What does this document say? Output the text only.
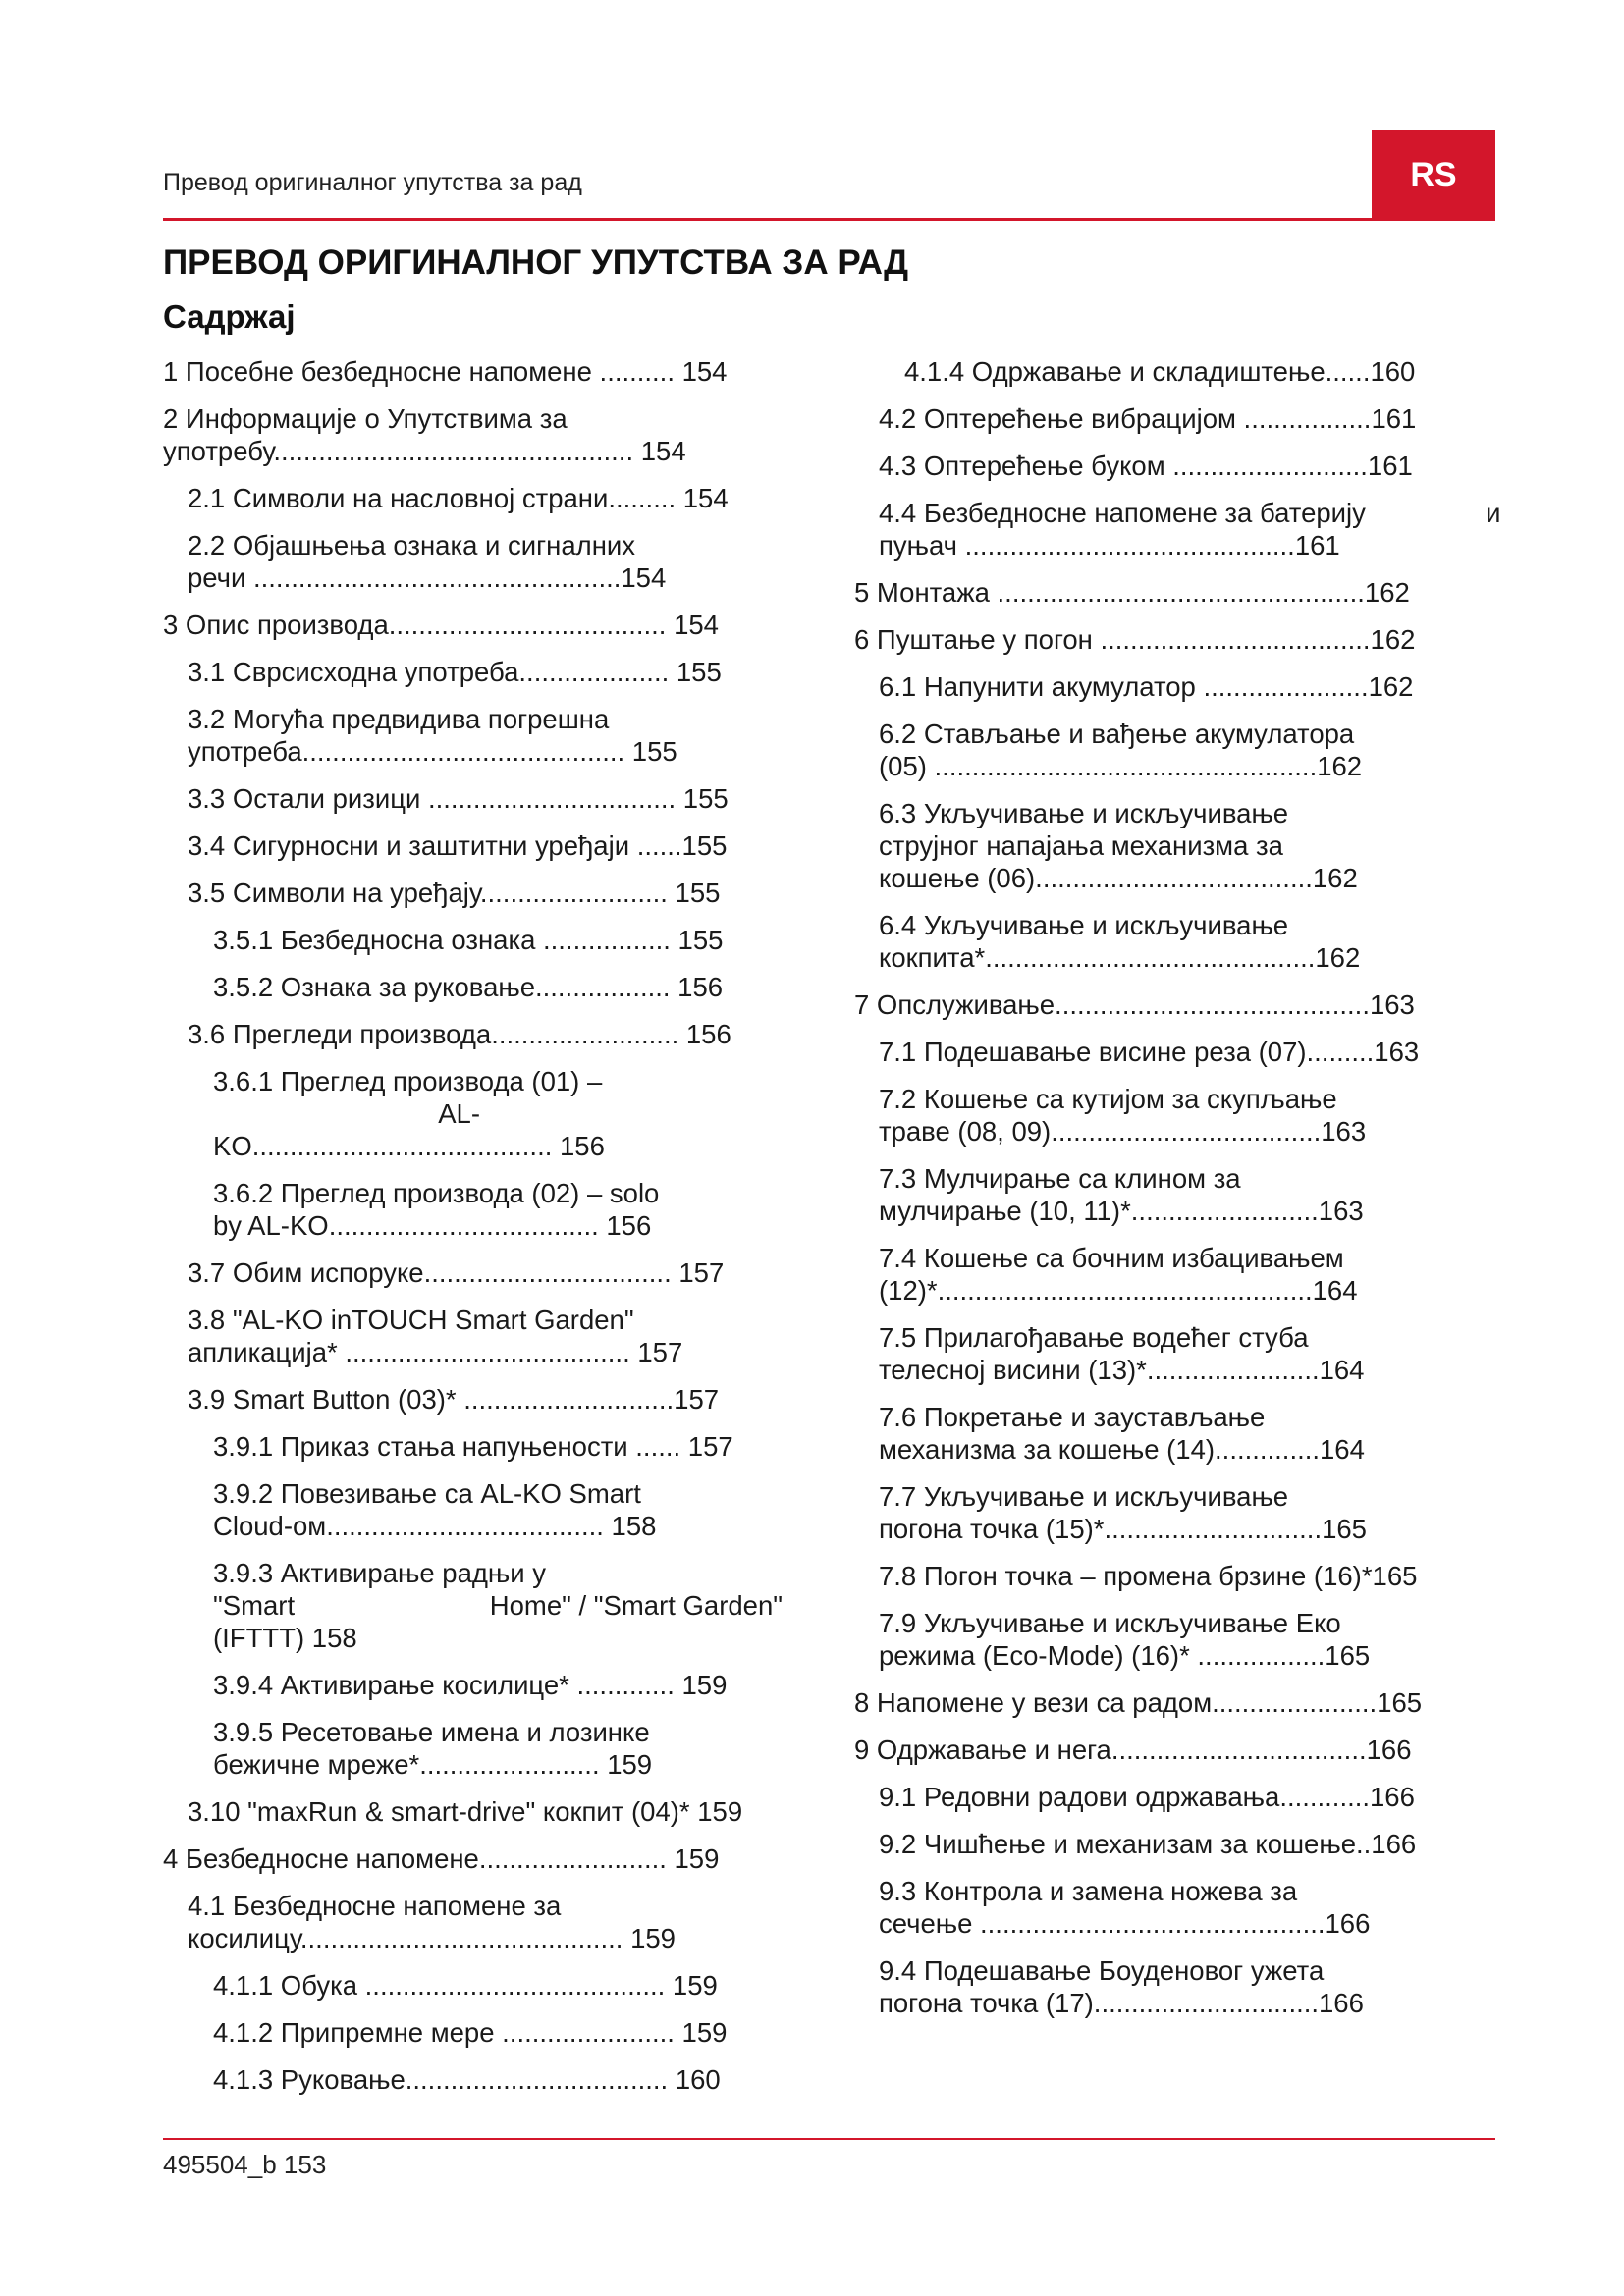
Превод оригиналног упутства за рад	RS
ПРЕВОД ОРИГИНАЛНОГ УПУТСТВА ЗА РАД
Садржај
1 Посебне безбедносне напомене .......... 154
2 Информације о Упутствима за             употребу................................................ 154
2.1 Символи на насловној страни......... 154
2.2 Објашњења ознака и сигналних                   речи .................................................154
3 Опис производа..................................... 154
3.1 Сврсисходна употреба.................... 155
3.2 Могућа предвидива погрешна                       употреба........................................... 155
3.3 Остали ризици ................................. 155
3.4 Сигурносни и заштитни уређаји ......155
3.5 Символи на уређају......................... 155
3.5.1 Безбедносна ознака ................. 155
3.5.2 Ознака за руковање.................. 156
3.6 Прегледи производа......................... 156
3.6.1 Преглед производа (01) –                              AL-KO........................................ 156
3.6.2 Преглед производа (02) – solo                     by AL-KO.................................... 156
3.7 Обим испоруке................................. 157
3.8 "AL-KO inTOUCH Smart Garden"                  апликација* ...................................... 157
3.9 Smart Button (03)* ............................157
3.9.1 Приказ стања напуњености ...... 157
3.9.2 Повезивање са AL-KO Smart                       Cloud-ом..................................... 158
3.9.3 Активирање радњи у "Smart                          Home" / "Smart Garden" (IFTTT) 158
3.9.4 Активирање косилице* ............. 159
3.9.5 Ресетовање имена и лозинке                     бежичне мреже*........................ 159
3.10 "maxRun & smart-drive" кокпит (04)* 159
4 Безбедносне напомене......................... 159
4.1 Безбедносне напомене за                                  косилицу........................................... 159
4.1.1 Обука ........................................ 159
4.1.2 Припремне мере ....................... 159
4.1.3 Руковање................................... 160
4.1.4 Одржавање и складиштење......160
4.2 Оптерећење вибрацијом .................161
4.3 Оптерећење буком ..........................161
4.4 Безбедносне напомене за батерију                и пуњач ............................................161
5 Монтажа .................................................162
6 Пуштање у погон ....................................162
6.1 Напунити акумулатор ......................162
6.2 Стављање и вађење акумулатора               (05) ...................................................162
6.3 Укључивање и искључивање                         струјног напајања механизма за                   кошење (06).....................................162
6.4 Укључивање и искључивање                         кокпита*............................................162
7 Опслуживање..........................................163
7.1 Подешавање висине реза (07).........163
7.2 Кошење са кутијом за скупљање                 траве (08, 09)....................................163
7.3 Мулчирање са клином за                                мулчирање (10, 11)*.........................163
7.4 Кошење са бочним избацивањем                 (12)*..................................................164
7.5 Прилагођавање водећег стуба                     телесној висини (13)*.......................164
7.6 Покретање и заустављање                            механизма за кошење (14)..............164
7.7 Укључивање и искључивање                         погона точка (15)*.............................165
7.8 Погон точка – промена брзине (16)*165
7.9 Укључивање и искључивање Еко                  режима (Eco-Mode) (16)* .................165
8 Напомене у вези са радом......................165
9 Одржавање и нега..................................166
9.1 Редовни радови одржавања............166
9.2 Чишћење и механизам за кошење..166
9.3 Контрола и замена ножева за                      сечење ..............................................166
9.4 Подешавање Боуденовог ужета                   погона точка (17)..............................166
495504_b 153
